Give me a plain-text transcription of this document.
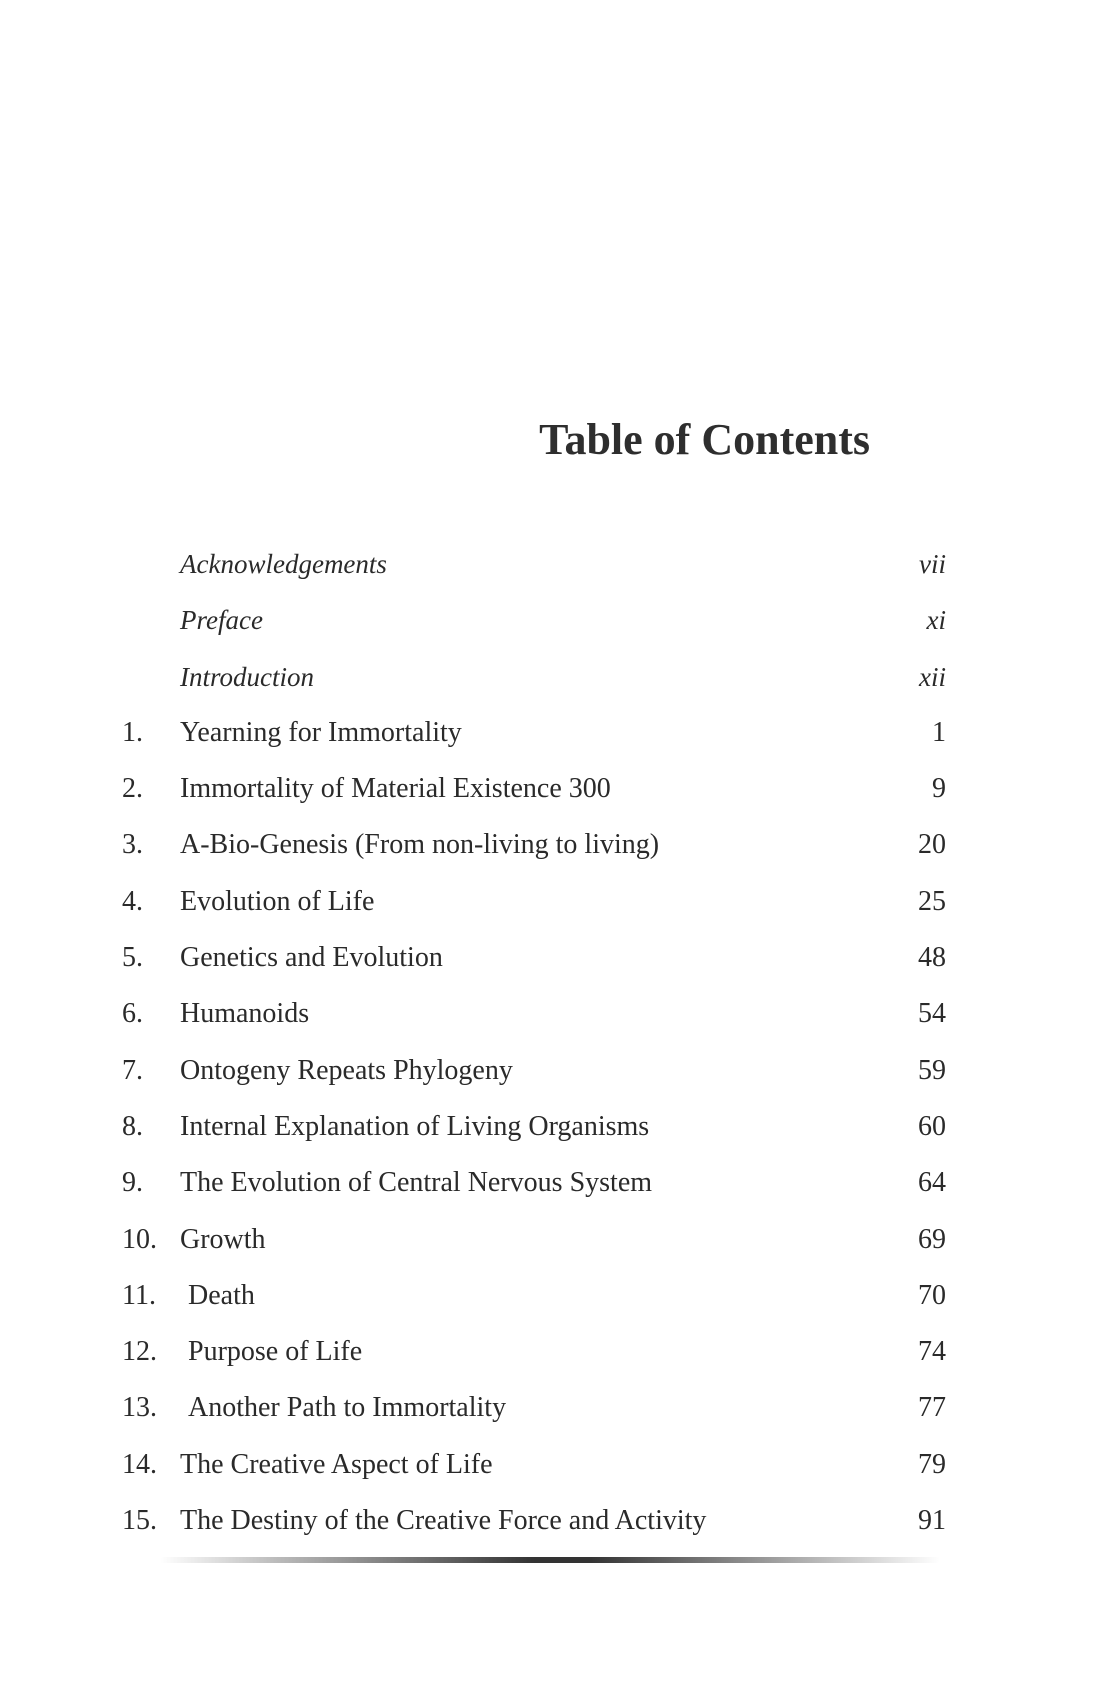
Table of Contents
Acknowledgements	vii
Preface	xi
Introduction	xii
1. Yearning for Immortality	1
2. Immortality of Material Existence 300	9
3. A-Bio-Genesis (From non-living to living)	20
4. Evolution of Life	25
5. Genetics and Evolution	48
6. Humanoids	54
7. Ontogeny Repeats Phylogeny	59
8. Internal Explanation of Living Organisms	60
9. The Evolution of Central Nervous System	64
10. Growth	69
11. Death	70
12. Purpose of Life	74
13. Another Path to Immortality	77
14. The Creative Aspect of Life	79
15. The Destiny of the Creative Force and Activity	91
